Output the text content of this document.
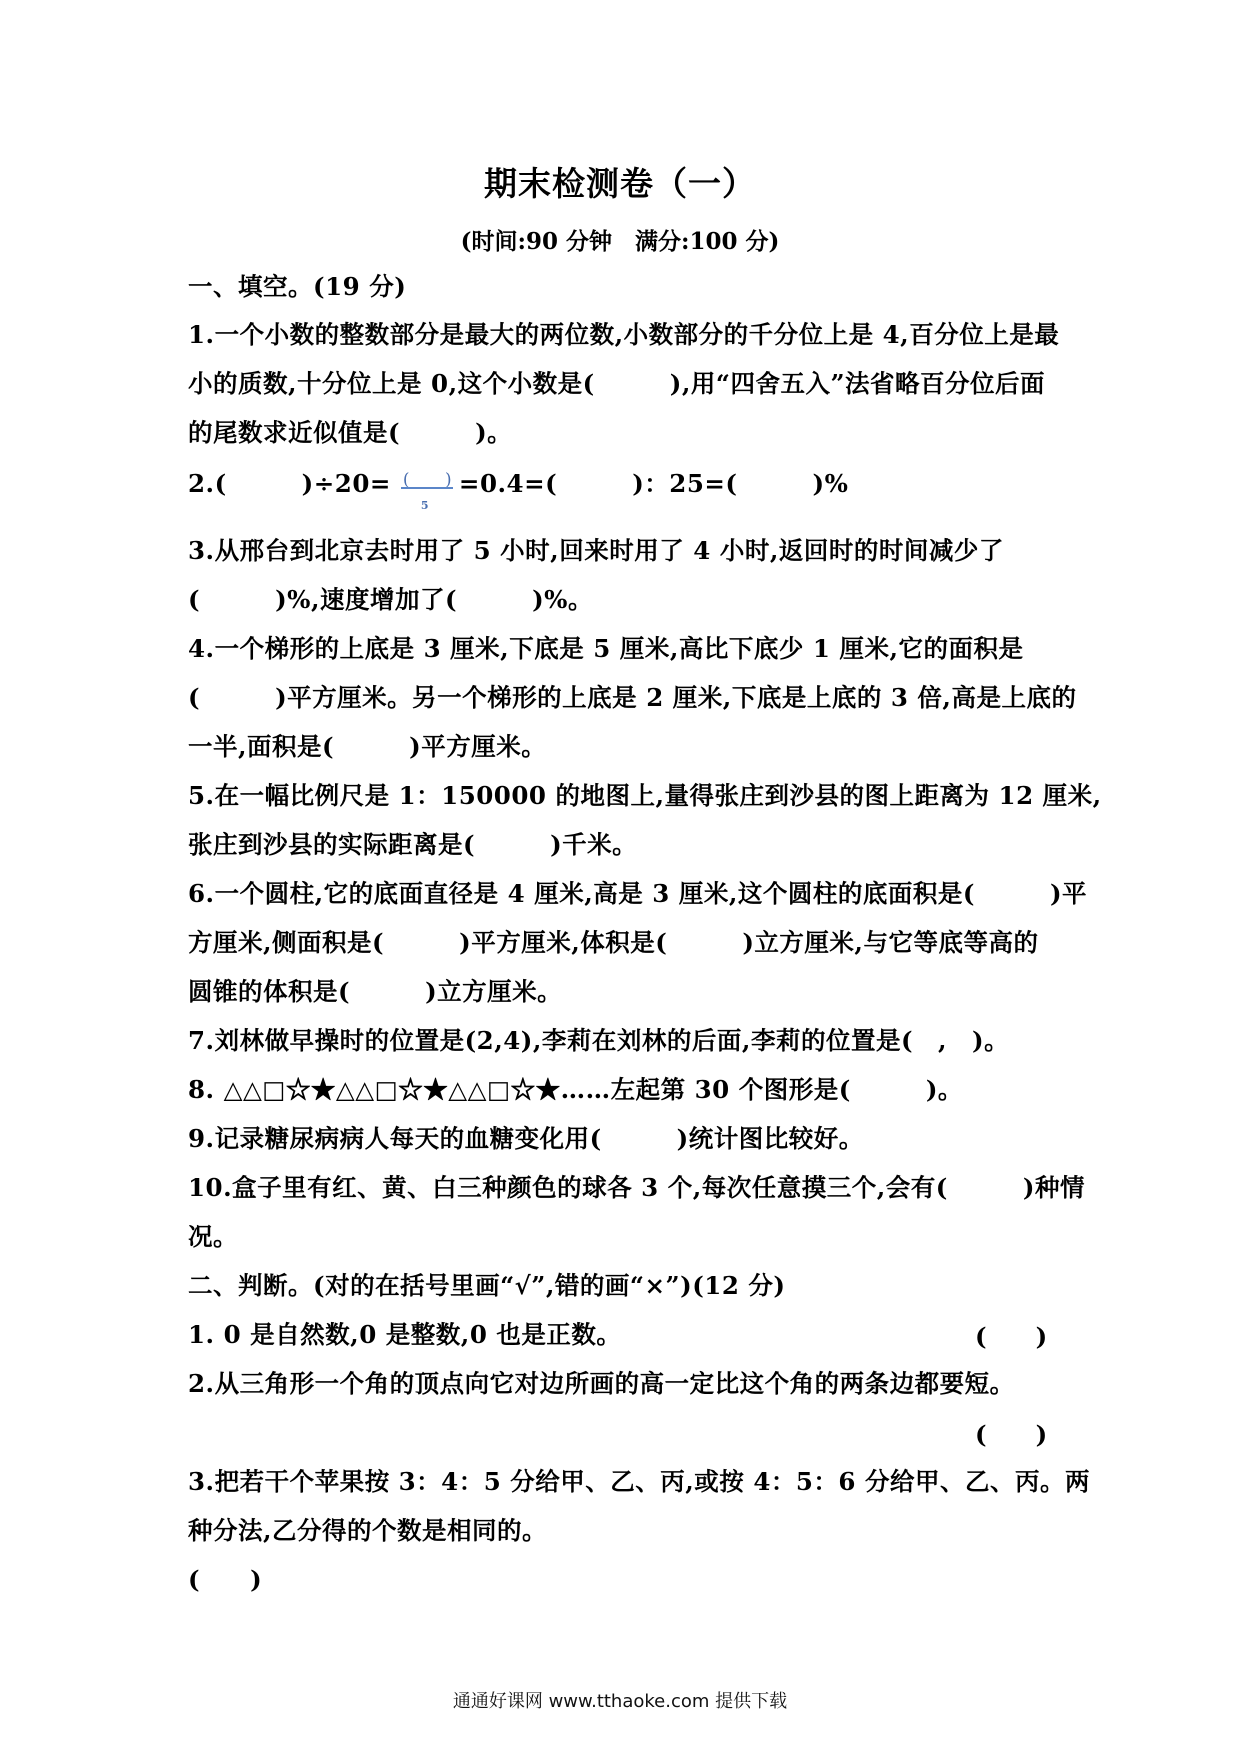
期末检测卷（一）
(时间:90 分钟　满分:100 分)
一、填空。(19 分)
1.一个小数的整数部分是最大的两位数,小数部分的千分位上是 4,百分位上是最
小的质数,十分位上是 0,这个小数是(　　　),用“四舍五入”法省略百分位后面
的尾数求近似值是(　　　)。
2.(　　　)$\div 20= \frac{( )}{5} =0.4=$(　　　)：25=(　　　)%
3.从邢台到北京去时用了 5 小时,回来时用了 4 小时,返回时的时间减少了
(　　　)%,速度增加了(　　　)%。
4.一个梯形的上底是 3 厘米,下底是 5 厘米,高比下底少 1 厘米,它的面积是
(　　　)平方厘米。另一个梯形的上底是 2 厘米,下底是上底的 3 倍,高是上底的
一半,面积是(　　　)平方厘米。
5.在一幅比例尺是 1：150000 的地图上,量得张庄到沙县的图上距离为 12 厘米,
张庄到沙县的实际距离是(　　　)千米。
6.一个圆柱,它的底面直径是 4 厘米,高是 3 厘米,这个圆柱的底面积是(　　　)平
方厘米,侧面积是(　　　)平方厘米,体积是(　　　)立方厘米,与它等底等高的
圆锥的体积是(　　　)立方厘米。
7.刘林做早操时的位置是(2,4),李莉在刘林的后面,李莉的位置是(　,　)。
8. △△□☆★△△□☆★△△□☆★……左起第 30 个图形是(　　　)。
9.记录糖尿病病人每天的血糖变化用(　　　)统计图比较好。
10.盒子里有红、黄、白三种颜色的球各 3 个,每次任意摸三个,会有(　　　)种情
况。
二、判断。(对的在括号里画“√”,错的画“×”)(12 分)
1. 0 是自然数,0 是整数,0 也是正数。	(　　)
2.从三角形一个角的顶点向它对边所画的高一定比这个角的两条边都要短。
(　　)
3.把若干个苹果按 3：4：5 分给甲、乙、丙,或按 4：5：6 分给甲、乙、丙。两
种分法,乙分得的个数是相同的。
(　　)
通通好课网 www.tthaoke.com 提供下载
